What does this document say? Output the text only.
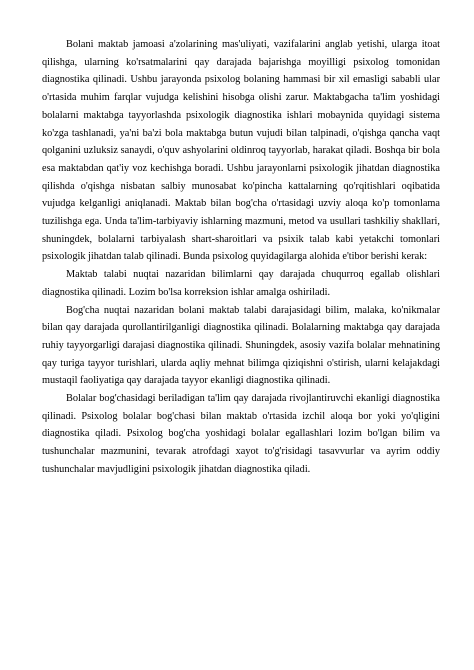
Bolani maktab jamoasi a'zolarining mas'uliyati, vazifalarini anglab yetishi, ularga itoat qilishga, ularning ko'rsatmalarini qay darajada bajarishga moyilligi psixolog tomonidan diagnostika qilinadi. Ushbu jarayonda psixolog bolaning hammasi bir xil emasligi sababli ular o'rtasida muhim farqlar vujudga kelishini hisobga olishi zarur. Maktabgacha ta'lim yoshidagi bolalarni maktabga tayyorlashda psixologik diagnostika ishlari mobaynida quyidagi sistema ko'zga tashlanadi, ya'ni ba'zi bola maktabga butun vujudi bilan talpinadi, o'qishga qancha vaqt qolganini uzluksiz sanaydi, o'quv ashyolarini oldinroq tayyorlab, harakat qiladi. Boshqa bir bola esa maktabdan qat'iy voz kechishga boradi. Ushbu jarayonlarni psixologik jihatdan diagnostika qilishda o'qishga nisbatan salbiy munosabat ko'pincha kattalarning qo'rqitishlari oqibatida vujudga kelganligi aniqlanadi. Maktab bilan bog'cha o'rtasidagi uzviy aloqa ko'p tomonlama tuzilishga ega. Unda ta'lim-tarbiyaviy ishlarning mazmuni, metod va usullari tashkiliy shakllari, shuningdek, bolalarni tarbiyalash shart-sharoitlari va psixik talab kabi yetakchi tomonlari psixologik jihatdan talab qilinadi. Bunda psixolog quyidagilarga alohida e'tibor berishi kerak:

Maktab talabi nuqtai nazaridan bilimlarni qay darajada chuqurroq egallab olishlari diagnostika qilinadi. Lozim bo'lsa korreksion ishlar amalga oshiriladi.

Bog'cha nuqtai nazaridan bolani maktab talabi darajasidagi bilim, malaka, ko'nikmalar bilan qay darajada qurollantirilganligi diagnostika qilinadi. Bolalarning maktabga qay darajada ruhiy tayyorgarligi darajasi diagnostika qilinadi. Shuningdek, asosiy vazifa bolalar mehnatining qay turiga tayyor turishlari, ularda aqliy mehnat bilimga qiziqishni o'stirish, ularni kelajakdagi mustaqil faoliyatiga qay darajada tayyor ekanligi diagnostika qilinadi.

Bolalar bog'chasidagi beriladigan ta'lim qay darajada rivojlantiruvchi ekanligi diagnostika qilinadi. Psixolog bolalar bog'chasi bilan maktab o'rtasida izchil aloqa bor yoki yo'qligini diagnostika qiladi. Psixolog bog'cha yoshidagi bolalar egallashlari lozim bo'lgan bilim va tushunchalar mazmunini, tevarak atrofdagi xayot to'g'risidagi tasavvurlar va ayrim oddiy tushunchalar mavjudligini psixologik jihatdan diagnostika qiladi.
